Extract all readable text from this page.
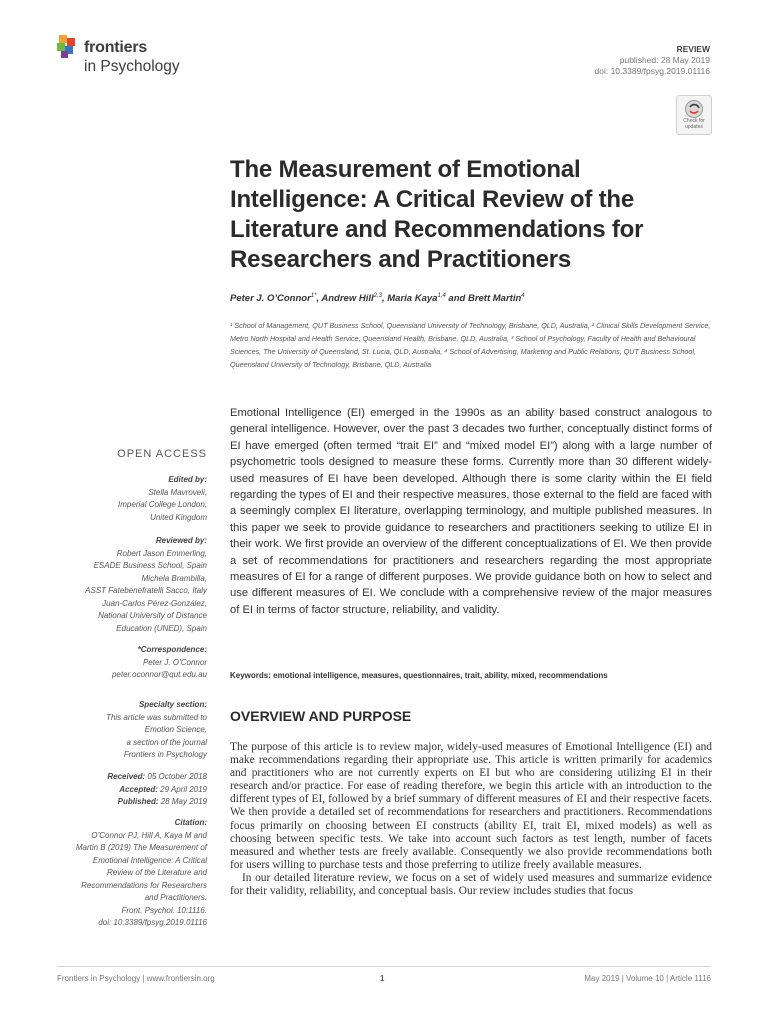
frontiers
in Psychology
REVIEW
published: 28 May 2019
doi: 10.3389/fpsyg.2019.01116
Check for
updates
The Measurement of Emotional Intelligence: A Critical Review of the Literature and Recommendations for Researchers and Practitioners
Peter J. O’Connor$^{1*}$, Andrew Hill$^{2,3}$, Maria Kaya$^{1,4}$ and Brett Martin$^4$
¹ School of Management, QUT Business School, Queensland University of Technology, Brisbane, QLD, Australia, ² Clinical Skills Development Service, Metro North Hospital and Health Service, Queensland Health, Brisbane, QLD, Australia, ³ School of Psychology, Faculty of Health and Behavioural Sciences, The University of Queensland, St. Lucia, QLD, Australia, ⁴ School of Advertising, Marketing and Public Relations, QUT Business School, Queensland University of Technology, Brisbane, QLD, Australia
OPEN ACCESS
Edited by:
Stella Mavroveli,
Imperial College London,
United Kingdom
Reviewed by:
Robert Jason Emmerling,
ESADE Business School, Spain
Michela Brambilla,
ASST Fatebenefratelli Sacco, Italy
Juan-Carlos Pérez-González,
National University of Distance
Education (UNED), Spain
*Correspondence:
Peter J. O’Connor
peter.oconnor@qut.edu.au
Specialty section:
This article was submitted to
Emotion Science,
a section of the journal
Frontiers in Psychology
Received: 05 October 2018
Accepted: 29 April 2019
Published: 28 May 2019
Citation:
O’Connor PJ, Hill A, Kaya M and
Martin B (2019) The Measurement of
Emotional Intelligence: A Critical
Review of the Literature and
Recommendations for Researchers
and Practitioners.
Front. Psychol. 10:1116.
doi: 10.3389/fpsyg.2019.01116
Emotional Intelligence (EI) emerged in the 1990s as an ability based construct analogous to general intelligence. However, over the past 3 decades two further, conceptually distinct forms of EI have emerged (often termed “trait EI” and “mixed model EI”) along with a large number of psychometric tools designed to measure these forms. Currently more than 30 different widely-used measures of EI have been developed. Although there is some clarity within the EI field regarding the types of EI and their respective measures, those external to the field are faced with a seemingly complex EI literature, overlapping terminology, and multiple published measures. In this paper we seek to provide guidance to researchers and practitioners seeking to utilize EI in their work. We first provide an overview of the different conceptualizations of EI. We then provide a set of recommendations for practitioners and researchers regarding the most appropriate measures of EI for a range of different purposes. We provide guidance both on how to select and use different measures of EI. We conclude with a comprehensive review of the major measures of EI in terms of factor structure, reliability, and validity.
Keywords: emotional intelligence, measures, questionnaires, trait, ability, mixed, recommendations
OVERVIEW AND PURPOSE

The purpose of this article is to review major, widely-used measures of Emotional Intelligence (EI) and make recommendations regarding their appropriate use. This article is written primarily for academics and practitioners who are not currently experts on EI but who are considering utilizing EI in their research and/or practice. For ease of reading therefore, we begin this article with an introduction to the different types of EI, followed by a brief summary of different measures of EI and their respective facets. We then provide a detailed set of recommendations for researchers and practitioners. Recommendations focus primarily on choosing between EI constructs (ability EI, trait EI, mixed models) as well as choosing between specific tests. We take into account such factors as test length, number of facets measured and whether tests are freely available. Consequently we also provide recommendations both for users willing to purchase tests and those preferring to utilize freely available measures.

In our detailed literature review, we focus on a set of widely used measures and summarize evidence for their validity, reliability, and conceptual basis. Our review includes studies that focus

Frontiers in Psychology | www.frontiersin.org	1	May 2019 | Volume 10 | Article 1116
